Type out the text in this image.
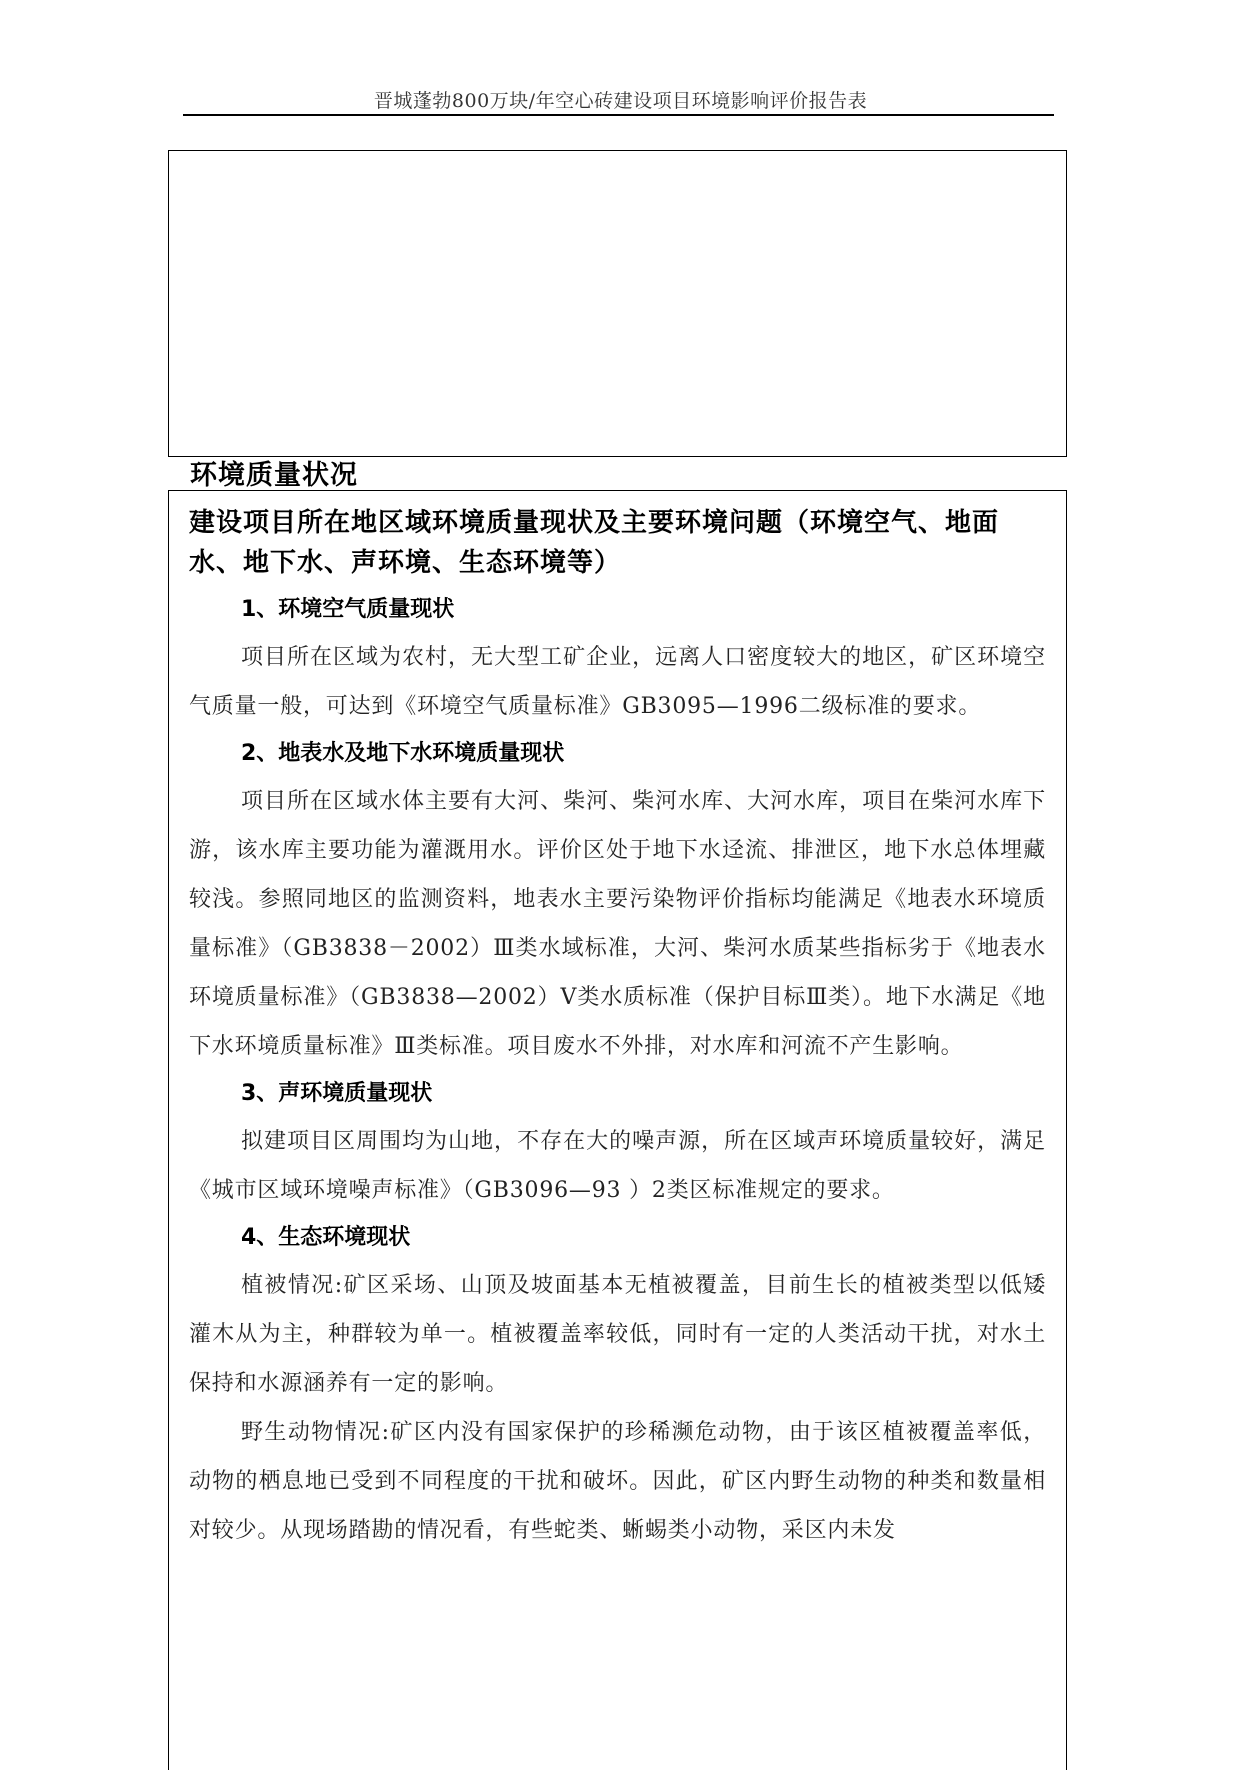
晋城蓬勃800万块/年空心砖建设项目环境影响评价报告表
环境质量状况

建设项目所在地区域环境质量现状及主要环境问题（环境空气、地面水、地下水、声环境、生态环境等）

1、环境空气质量现状

项目所在区域为农村，无大型工矿企业，远离人口密度较大的地区，矿区环境空气质量一般，可达到《环境空气质量标准》GB3095—1996二级标准的要求。

2、地表水及地下水环境质量现状

项目所在区域水体主要有大河、柴河、柴河水库、大河水库，项目在柴河水库下游，该水库主要功能为灌溉用水。评价区处于地下水迳流、排泄区，地下水总体埋藏较浅。参照同地区的监测资料，地表水主要污染物评价指标均能满足《地表水环境质量标准》（GB3838－2002）Ⅲ类水域标准，大河、柴河水质某些指标劣于《地表水环境质量标准》（GB3838—2002）Ⅴ类水质标准（保护目标Ⅲ类）。地下水满足《地下水环境质量标准》Ⅲ类标准。项目废水不外排，对水库和河流不产生影响。

3、声环境质量现状

拟建项目区周围均为山地，不存在大的噪声源，所在区域声环境质量较好，满足《城市区域环境噪声标准》（GB3096—93 ）2类区标准规定的要求。

4、生态环境现状

植被情况:矿区采场、山顶及坡面基本无植被覆盖，目前生长的植被类型以低矮灌木从为主，种群较为单一。植被覆盖率较低，同时有一定的人类活动干扰，对水土保持和水源涵养有一定的影响。

野生动物情况:矿区内没有国家保护的珍稀濒危动物，由于该区植被覆盖率低，动物的栖息地已受到不同程度的干扰和破坏。因此，矿区内野生动物的种类和数量相对较少。从现场踏勘的情况看，有些蛇类、蜥蜴类小动物，采区内未发
